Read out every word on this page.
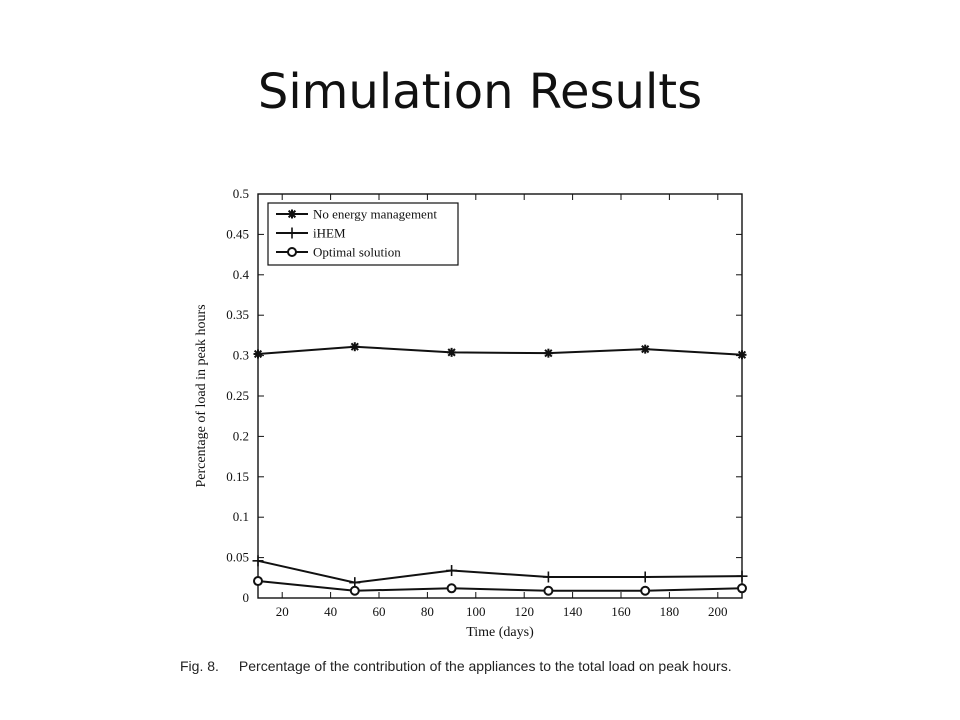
Simulation Results
0
0.05
0.1
0.15
0.2
0.25
0.3
0.35
0.4
0.45
0.5
20	40	60	80 100 120 140 160 180 200
No energy management
iHEM
Optimal solution
Time (days)
Percentage of load in peak hours
Fig. 8. Percentage of the contribution of the appliances to the total load on peak hours.
